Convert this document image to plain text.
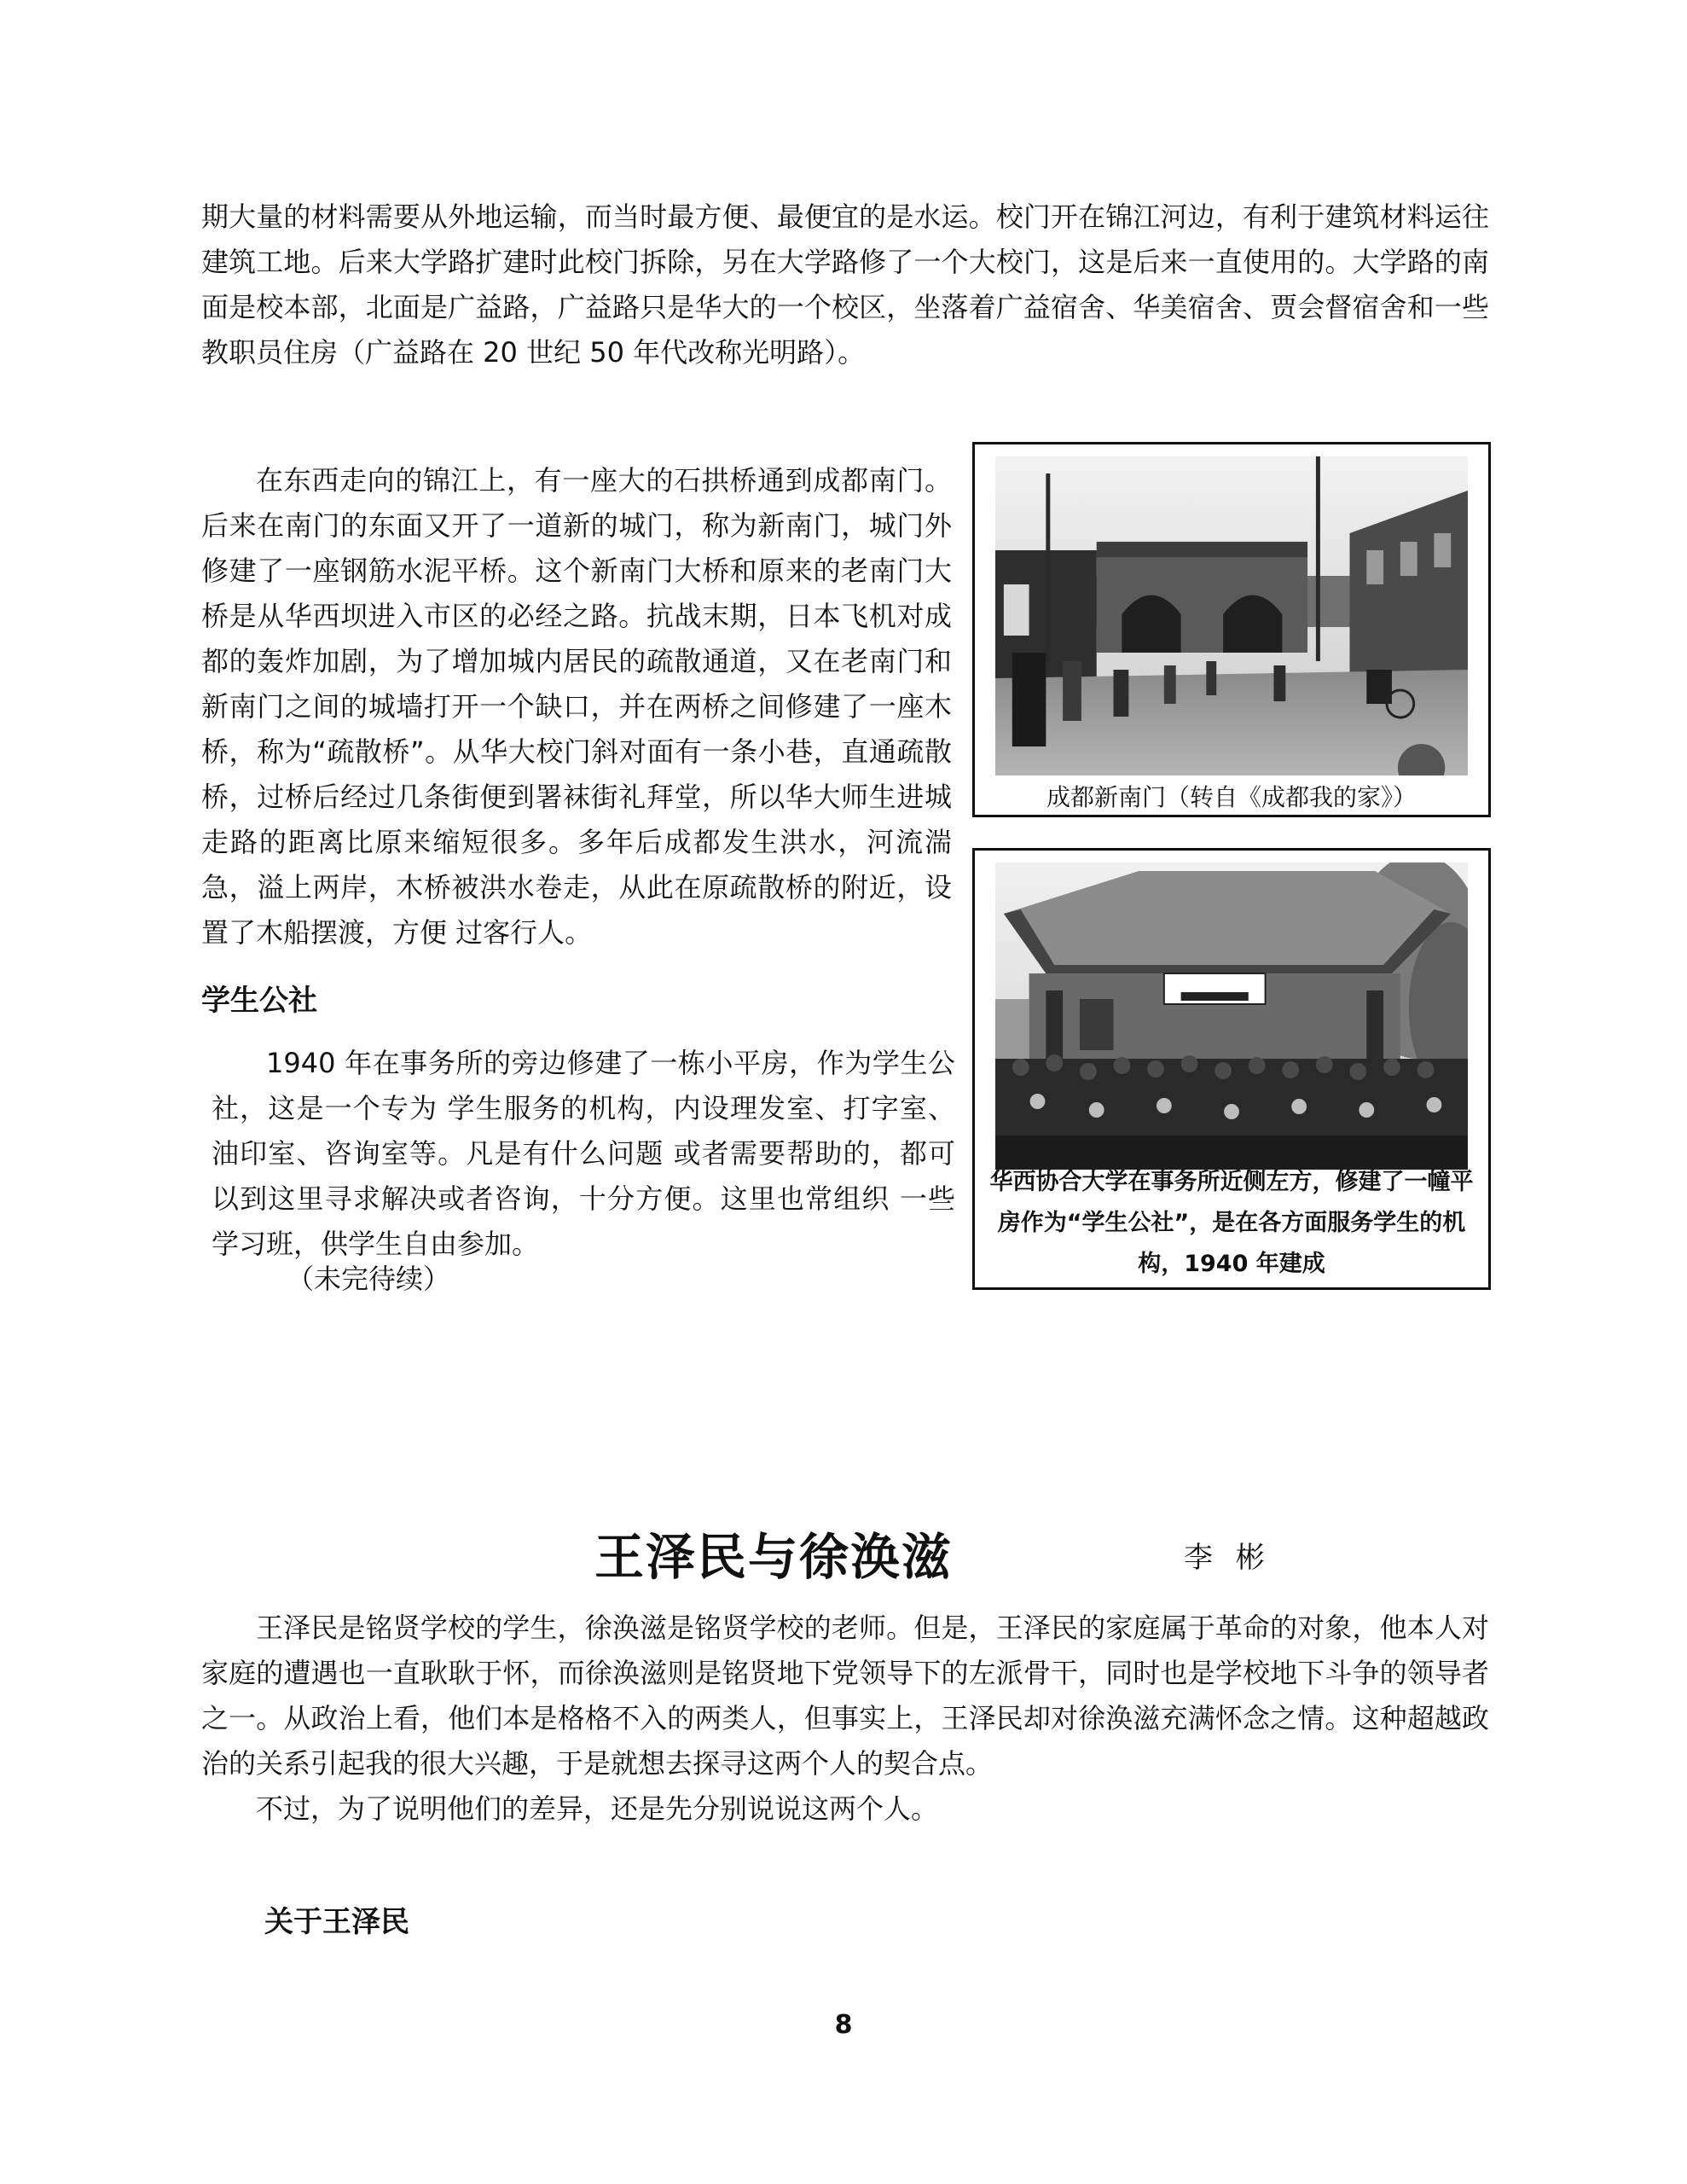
期大量的材料需要从外地运输，而当时最方便、最便宜的是水运。校门开在锦江河边，有利于建筑材料运往建筑工地。后来大学路扩建时此校门拆除，另在大学路修了一个大校门，这是后来一直使用的。大学路的南面是校本部，北面是广益路，广益路只是华大的一个校区，坐落着广益宿舍、华美宿舍、贾会督宿舍和一些教职员住房（广益路在 20 世纪 50 年代改称光明路）。

在东西走向的锦江上，有一座大的石拱桥通到成都南门。后来在南门的东面又开了一道新的城门，称为新南门，城门外修建了一座钢筋水泥平桥。这个新南门大桥和原来的老南门大桥是从华西坝进入市区的必经之路。抗战末期，日本飞机对成都的轰炸加剧，为了增加城内居民的疏散通道，又在老南门和新南门之间的城墙打开一个缺口，并在两桥之间修建了一座木桥，称为“疏散桥”。从华大校门斜对面有一条小巷，直通疏散桥，过桥后经过几条街便到署袜街礼拜堂，所以华大师生进城走路的距离比原来缩短很多。多年后成都发生洪水，河流湍急，溢上两岸，木桥被洪水卷走，从此在原疏散桥的附近，设置了木船摆渡，方便 过客行人。

学生公社

1940 年在事务所的旁边修建了一栋小平房，作为学生公社，这是一个专为 学生服务的机构，内设理发室、打字室、油印室、咨询室等。凡是有什么问题 或者需要帮助的，都可以到这里寻求解决或者咨询，十分方便。这里也常组织 一些学习班，供学生自由参加。

（未完待续）
成都新南门（转自《成都我的家》）
华西协合大学在事务所近侧左方，修建了一幢平房作为“学生公社”，是在各方面服务学生的机构，1940 年建成
王泽民与徐涣滋	李 彬

王泽民是铭贤学校的学生，徐涣滋是铭贤学校的老师。但是，王泽民的家庭属于革命的对象，他本人对家庭的遭遇也一直耿耿于怀，而徐涣滋则是铭贤地下党领导下的左派骨干，同时也是学校地下斗争的领导者之一。从政治上看，他们本是格格不入的两类人，但事实上，王泽民却对徐涣滋充满怀念之情。这种超越政治的关系引起我的很大兴趣，于是就想去探寻这两个人的契合点。

不过，为了说明他们的差异，还是先分别说说这两个人。

关于王泽民
8
